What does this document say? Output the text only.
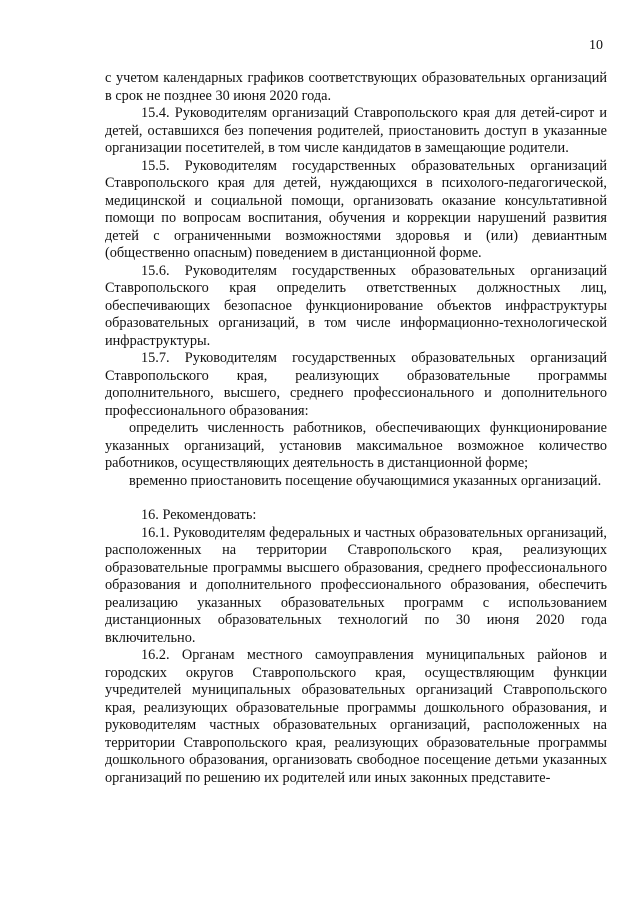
10

с учетом календарных графиков соответствующих образовательных организаций в срок не позднее 30 июня 2020 года.

15.4. Руководителям организаций Ставропольского края для детей-сирот и детей, оставшихся без попечения родителей, приостановить доступ в указанные организации посетителей, в том числе кандидатов в замещающие родители.

15.5. Руководителям государственных образовательных организаций Ставропольского края для детей, нуждающихся в психолого-педагогической, медицинской и социальной помощи, организовать оказание консультативной помощи по вопросам воспитания, обучения и коррекции нарушений развития детей с ограниченными возможностями здоровья и (или) девиантным (общественно опасным) поведением в дистанционной форме.

15.6. Руководителям государственных образовательных организаций Ставропольского края определить ответственных должностных лиц, обеспечивающих безопасное функционирование объектов инфраструктуры образовательных организаций, в том числе информационно-технологической инфраструктуры.

15.7. Руководителям государственных образовательных организаций Ставропольского края, реализующих образовательные программы дополнительного, высшего, среднего профессионального и дополнительного профессионального образования:

определить численность работников, обеспечивающих функционирование указанных организаций, установив максимальное возможное количество работников, осуществляющих деятельность в дистанционной форме;

временно приостановить посещение обучающимися указанных организаций.

16. Рекомендовать:

16.1. Руководителям федеральных и частных образовательных организаций, расположенных на территории Ставропольского края, реализующих образовательные программы высшего образования, среднего профессионального образования и дополнительного профессионального образования, обеспечить реализацию указанных образовательных программ с использованием дистанционных образовательных технологий по 30 июня 2020 года включительно.

16.2. Органам местного самоуправления муниципальных районов и городских округов Ставропольского края, осуществляющим функции учредителей муниципальных образовательных организаций Ставропольского края, реализующих образовательные программы дошкольного образования, и руководителям частных образовательных организаций, расположенных на территории Ставропольского края, реализующих образовательные программы дошкольного образования, организовать свободное посещение детьми указанных организаций по решению их родителей или иных законных представите-
